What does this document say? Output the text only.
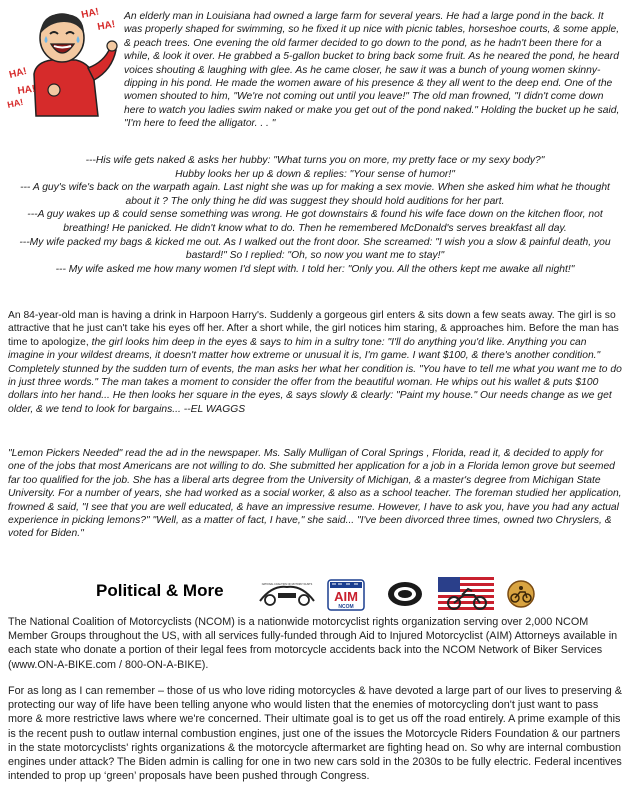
HA!
HA!
HA!
HA!
HA!

An elderly man in Louisiana had owned a large farm for several years. He had a large pond in the back. It was properly shaped for swimming, so he fixed it up nice with picnic tables, horseshoe courts, & some apple, & peach trees. One evening the old farmer decided to go down to the pond, as he hadn't been there for a while, & look it over. He grabbed a 5-gallon bucket to bring back some fruit. As he neared the pond, he heard voices shouting & laughing with glee. As he came closer, he saw it was a bunch of young women skinny-dipping in his pond. He made the women aware of his presence & they all went to the deep end. One of the women shouted to him, "We're not coming out until you leave!" The old man frowned, "I didn't come down here to watch you ladies swim naked or make you get out of the pond naked." Holding the bucket up he said, "I'm here to feed the alligator. . . "

---His wife gets naked & asks her hubby: "What turns you on more, my pretty face or my sexy body?"

Hubby looks her up & down & replies: "Your sense of humor!"

--- A guy's wife's back on the warpath again. Last night she was up for making a sex movie. When she asked him what he thought about it ? The only thing he did was suggest they should hold auditions for her part.

---A guy wakes up & could sense something was wrong. He got downstairs & found his wife face down on the kitchen floor, not breathing! He panicked. He didn't know what to do. Then he remembered McDonald's serves breakfast all day.

---My wife packed my bags & kicked me out. As I walked out the front door. She screamed: "I wish you a slow & painful death, you bastard!" So I replied: "Oh, so now you want me to stay!"

--- My wife asked me how many women I'd slept with. I told her: "Only you. All the others kept me awake all night!"

An 84-year-old man is having a drink in Harpoon Harry's. Suddenly a gorgeous girl enters & sits down a few seats away. The girl is so attractive that he just can't take his eyes off her. After a short while, the girl notices him staring, & approaches him. Before the man has time to apologize, the girl looks him deep in the eyes & says to him in a sultry tone: "I'll do anything you'd like. Anything you can imagine in your wildest dreams, it doesn't matter how extreme or unusual it is, I'm game. I want $100, & there's another condition." Completely stunned by the sudden turn of events, the man asks her what her condition is. "You have to tell me what you want me to do in just three words." The man takes a moment to consider the offer from the beautiful woman. He whips out his wallet & puts $100 dollars into her hand... He then looks her square in the eyes, & says slowly & clearly: "Paint my house." Our needs change as we get older, & we tend to look for bargains... --EL WAGGS

"Lemon Pickers Needed" read the ad in the newspaper. Ms. Sally Mulligan of Coral Springs , Florida, read it, & decided to apply for one of the jobs that most Americans are not willing to do. She submitted her application for a job in a Florida lemon grove but seemed far too qualified for the job. She has a liberal arts degree from the University of Michigan, & a master's degree from Michigan State University. For a number of years, she had worked as a social worker, & also as a school teacher. The foreman studied her application, frowned & said, "I see that you are well educated, & have an impressive resume. However, I have to ask you, have you had any actual experience in picking lemons?" "Well, as a matter of fact, I have," she said... "I've been divorced three times, owned two Chryslers, & voted for Biden."

Political & More	NATIONAL COALITION OF MOTORCYCLISTS
AIM
NCOM

The National Coalition of Motorcyclists (NCOM) is a nationwide motorcyclist rights organization serving over 2,000 NCOM Member Groups throughout the US, with all services fully-funded through Aid to Injured Motorcyclist (AIM) Attorneys available in each state who donate a portion of their legal fees from motorcycle accidents back into the NCOM Network of Biker Services (www.ON-A-BIKE.com / 800-ON-A-BIKE).

For as long as I can remember – those of us who love riding motorcycles & have devoted a large part of our lives to preserving & protecting our way of life have been telling anyone who would listen that the enemies of motorcycling don't just want to pass more & more restrictive laws where we're concerned. Their ultimate goal is to get us off the road entirely. A prime example of this is the recent push to outlaw internal combustion engines, just one of the issues the Motorcycle Riders Foundation & our partners in the state motorcyclists' rights organizations & the motorcycle aftermarket are fighting head on. So why are internal combustion engines under attack? The Biden admin is calling for one in two new cars sold in the 2030s to be fully electric. Federal incentives intended to prop up ‘green’ proposals have been pushed through Congress.
